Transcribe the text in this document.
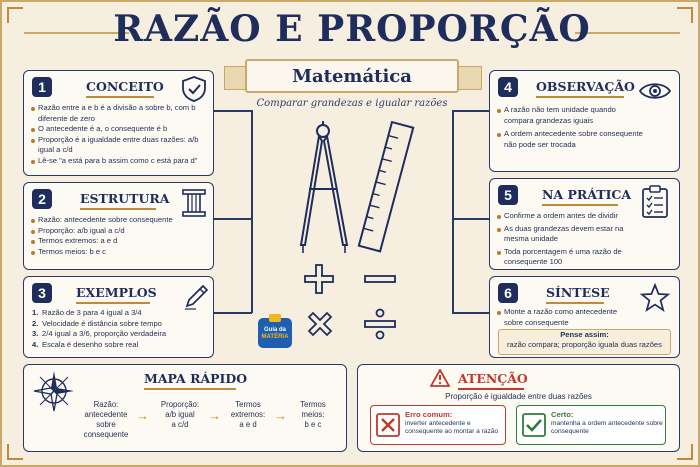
RAZÃO E PROPORÇÃO
Matemática
Comparar grandezas e igualar razões
1	CONCEITO
Razão entre a e b é a divisão a sobre b, com b diferente de zero
O antecedente é a, o consequente é b
Proporção é a igualdade entre duas razões: a/b igual a c/d
Lê-se "a está para b assim como c está para d"
2	ESTRUTURA
Razão: antecedente sobre consequente
Proporção: a/b igual a c/d
Termos extremos: a e d
Termos meios: b e c
3	EXEMPLOS
1. Razão de 3 para 4 igual a 3/4
2. Velocidade é distância sobre tempo
3. 2/4 igual a 3/6, proporção verdadeira
4. Escala é desenho sobre real
4	OBSERVAÇÃO
A razão não tem unidade quando compara grandezas iguais
A ordem antecedente sobre consequente não pode ser trocada
5	NA PRÁTICA
Confirme a ordem antes de dividir
As duas grandezas devem estar na mesma unidade
Toda porcentagem é uma razão de consequente 100
6	SÍNTESE
Monte a razão como antecedente sobre consequente
Pense assim:
razão compara; proporção iguala duas razões
Guia da
MATÉRIA
MAPA RÁPIDO
Razão:
antecedente
sobre
consequente
→
Proporção:
a/b igual
a c/d
→
Termos
extremos:
a e d
→
Termos
meios:
b e c
ATENÇÃO
Proporção é igualdade entre duas razões
Erro comum:
inverter antecedente e consequente ao montar a razão
Certo:
mantenha a ordem antecedente sobre consequente
